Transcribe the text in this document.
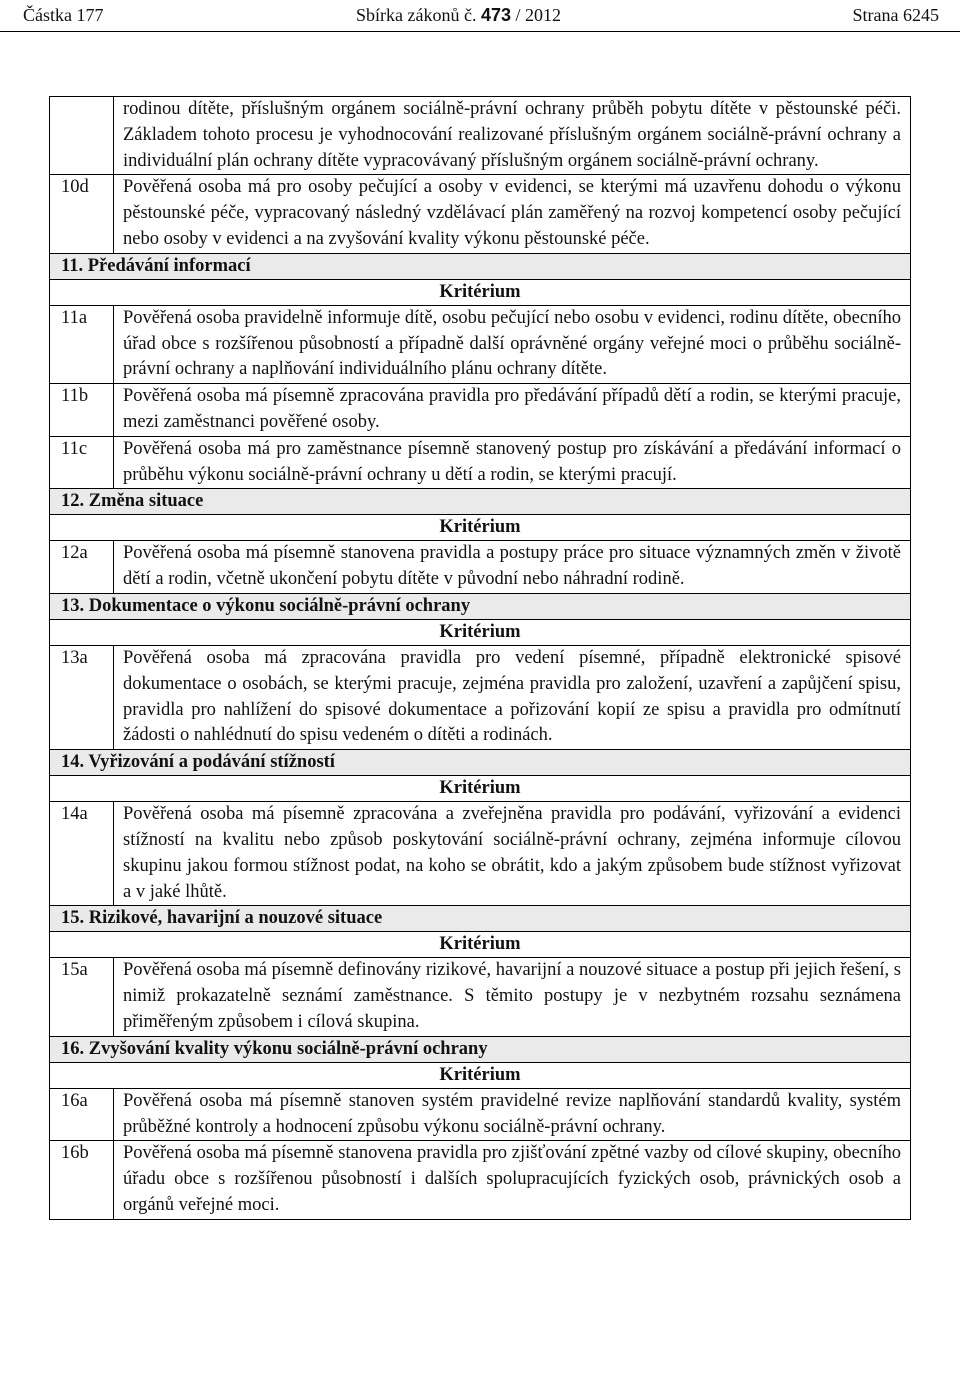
Částka 177	Sbírka zákonů č. 473 / 2012	Strana 6245
	rodinou dítěte, příslušným orgánem sociálně-právní ochrany průběh pobytu dítěte v pěstounské péči. Základem tohoto procesu je vyhodnocování realizované příslušným orgánem sociálně-právní ochrany a individuální plán ochrany dítěte vypracovávaný příslušným orgánem sociálně-právní ochrany.
10d	Pověřená osoba má pro osoby pečující a osoby v evidenci, se kterými má uzavřenu dohodu o výkonu pěstounské péče, vypracovaný následný vzdělávací plán zaměřený na rozvoj kompetencí osoby pečující nebo osoby v evidenci a na zvyšování kvality výkonu pěstounské péče.
11. Předávání informací	
Kritérium	
11a	Pověřená osoba pravidelně informuje dítě, osobu pečující nebo osobu v evidenci, rodinu dítěte, obecního úřad obce s rozšířenou působností a případně další oprávněné orgány veřejné moci o průběhu sociálně-právní ochrany a naplňování individuálního plánu ochrany dítěte.
11b	Pověřená osoba má písemně zpracována pravidla pro předávání případů dětí a rodin, se kterými pracuje, mezi zaměstnanci pověřené osoby.
11c	Pověřená osoba má pro zaměstnance písemně stanovený postup pro získávání a předávání informací o průběhu výkonu sociálně-právní ochrany u dětí a rodin, se kterými pracují.
12. Změna situace	
Kritérium	
12a	Pověřená osoba má písemně stanovena pravidla a postupy práce pro situace významných změn v životě dětí a rodin, včetně ukončení pobytu dítěte v původní nebo náhradní rodině.
13. Dokumentace o výkonu sociálně-právní ochrany	
Kritérium	
13a	Pověřená osoba má zpracována pravidla pro vedení písemné, případně elektronické spisové dokumentace o osobách, se kterými pracuje, zejména pravidla pro založení, uzavření a zapůjčení spisu, pravidla pro nahlížení do spisové dokumentace a pořizování kopií ze spisu a pravidla pro odmítnutí žádosti o nahlédnutí do spisu vedeném o dítěti a rodinách.
14. Vyřizování a podávání stížností	
Kritérium	
14a	Pověřená osoba má písemně zpracována a zveřejněna pravidla pro podávání, vyřizování a evidenci stížností na kvalitu nebo způsob poskytování sociálně-právní ochrany, zejména informuje cílovou skupinu jakou formou stížnost podat, na koho se obrátit, kdo a jakým způsobem bude stížnost vyřizovat a v jaké lhůtě.
15. Rizikové, havarijní a nouzové situace	
Kritérium	
15a	Pověřená osoba má písemně definovány rizikové, havarijní a nouzové situace a postup při jejich řešení, s nimiž prokazatelně seznámí zaměstnance. S těmito postupy je v nezbytném rozsahu seznámena přiměřeným způsobem i cílová skupina.
16. Zvyšování kvality výkonu sociálně-právní ochrany	
Kritérium	
16a	Pověřená osoba má písemně stanoven systém pravidelné revize naplňování standardů kvality, systém průběžné kontroly a hodnocení způsobu výkonu sociálně-právní ochrany.
16b	Pověřená osoba má písemně stanovena pravidla pro zjišťování zpětné vazby od cílové skupiny, obecního úřadu obce s rozšířenou působností i dalších spolupracujících fyzických osob, právnických osob a orgánů veřejné moci.
